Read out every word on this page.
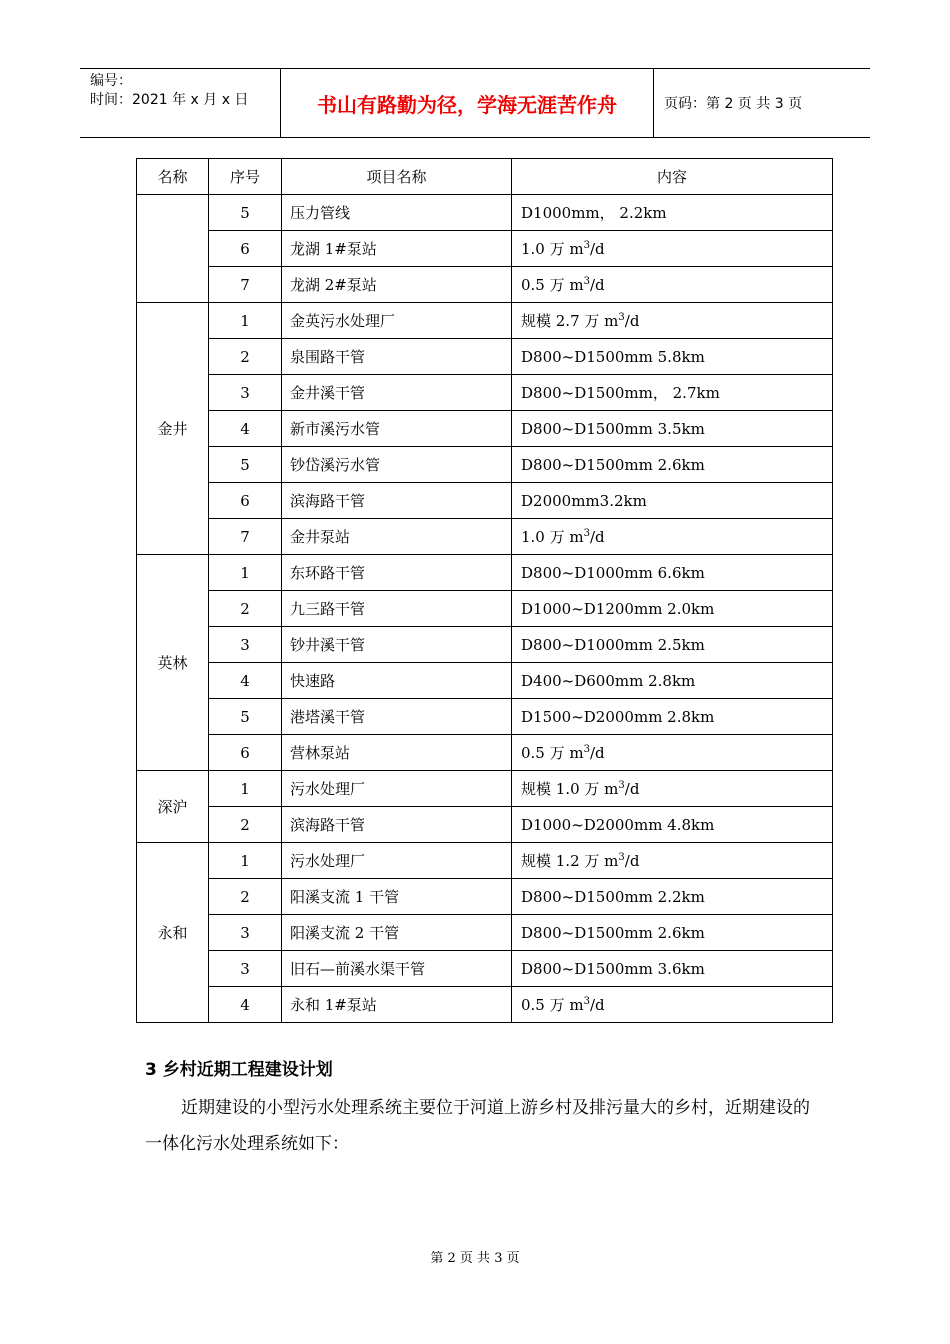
编号：
时间：2021 年 x 月 x 日	书山有路勤为径，学海无涯苦作舟	页码：第 2 页 共 3 页
名称	序号	项目名称	内容
	5	压力管线	D1000mm， 2.2km
	6	龙湖 1#泵站	1.0 万 $m^3/d$
	7	龙湖 2#泵站	0.5 万 $m^3/d$
金井	1	金英污水处理厂	规模 2.7 万 $m^3/d$
	2	泉围路干管	D800~D1500mm 5.8km
	3	金井溪干管	D800~D1500mm， 2.7km
	4	新市溪污水管	D800~D1500mm 3.5km
	5	钞岱溪污水管	D800~D1500mm 2.6km
	6	滨海路干管	D2000mm3.2km
	7	金井泵站	1.0 万 $m^3/d$
英林	1	东环路干管	D800~D1000mm 6.6km
	2	九三路干管	D1000~D1200mm 2.0km
	3	钞井溪干管	D800~D1000mm 2.5km
	4	快速路	D400~D600mm 2.8km
	5	港塔溪干管	D1500~D2000mm 2.8km
	6	营林泵站	0.5 万 $m^3/d$
深沪	1	污水处理厂	规模 1.0 万 $m^3/d$
	2	滨海路干管	D1000~D2000mm 4.8km
永和	1	污水处理厂	规模 1.2 万 $m^3/d$
	2	阳溪支流 1 干管	D800~D1500mm 2.2km
	3	阳溪支流 2 干管	D800~D1500mm 2.6km
	3	旧石—前溪水渠干管	D800~D1500mm 3.6km
	4	永和 1#泵站	0.5 万 $m^3/d$
3 乡村近期工程建设计划
近期建设的小型污水处理系统主要位于河道上游乡村及排污量大的乡村，近期建设的一体化污水处理系统如下：
第 2 页 共 3 页
